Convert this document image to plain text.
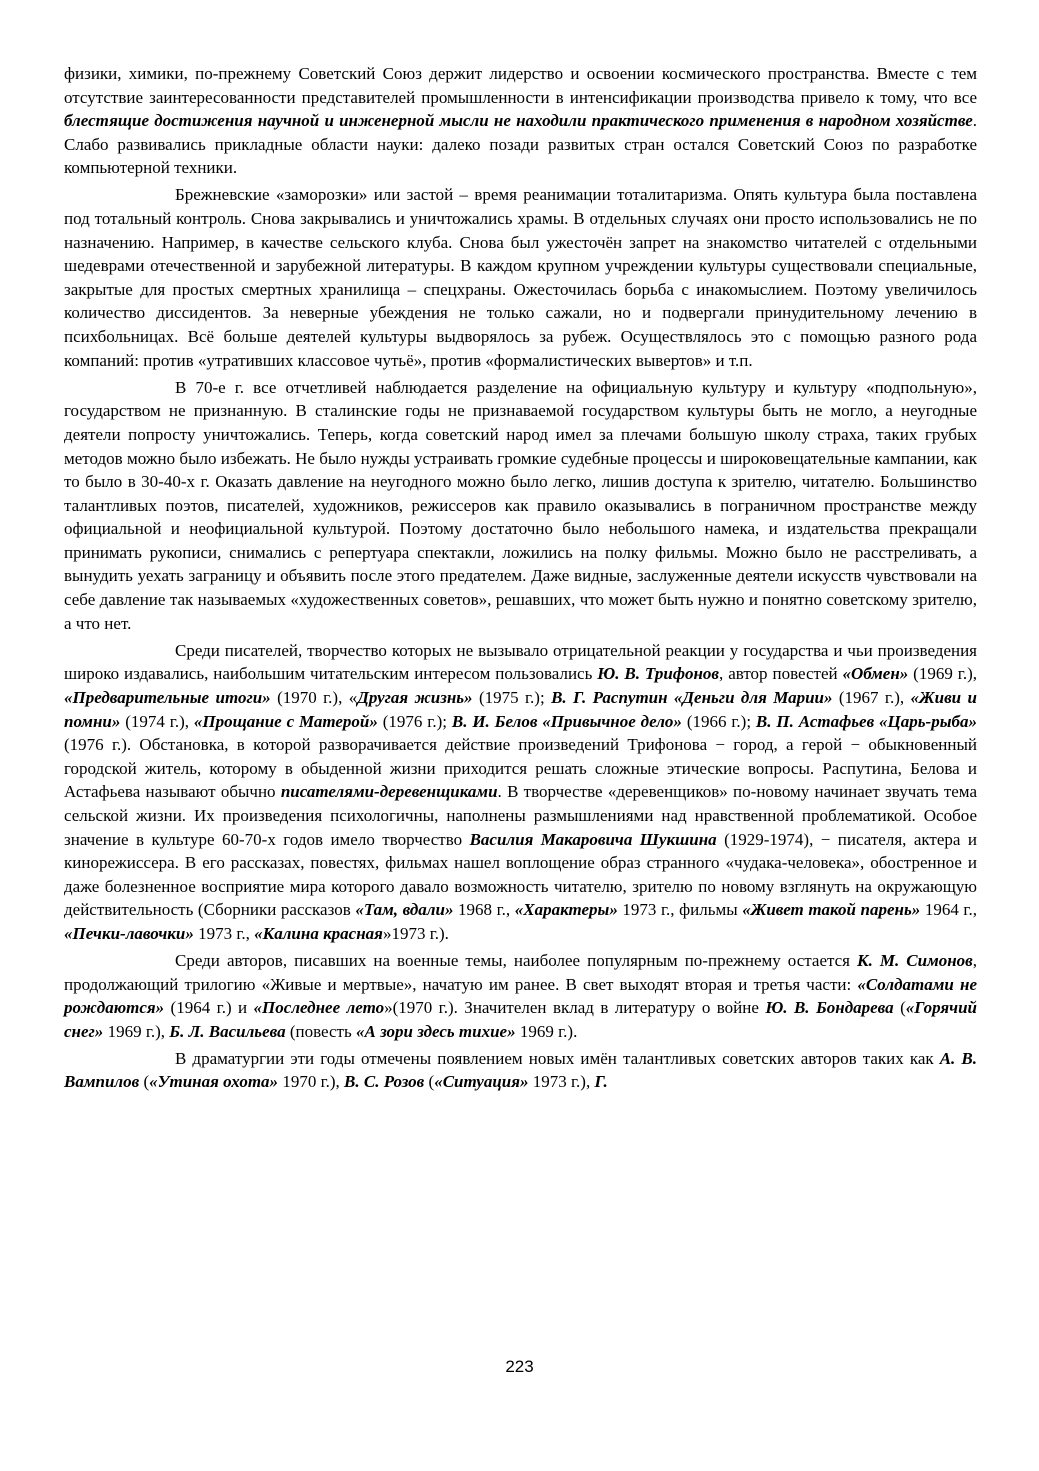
физики, химики, по-прежнему Советский Союз держит лидерство и освоении космического пространства. Вместе с тем отсутствие заинтересованности представителей промышленности в интенсификации производства привело к тому, что все блестящие достижения научной и инженерной мысли не находили практического применения в народном хозяйстве. Слабо развивались прикладные области науки: далеко позади развитых стран остался Советский Союз по разработке компьютерной техники.

Брежневские «заморозки» или застой – время реанимации тоталитаризма. Опять культура была поставлена под тотальный контроль. Снова закрывались и уничтожались храмы. В отдельных случаях они просто использовались не по назначению. Например, в качестве сельского клуба. Снова был ужесточён запрет на знакомство читателей с отдельными шедеврами отечественной и зарубежной литературы. В каждом крупном учреждении культуры существовали специальные, закрытые для простых смертных хранилища – спецхраны. Ожесточилась борьба с инакомыслием. Поэтому увеличилось количество диссидентов. За неверные убеждения не только сажали, но и подвергали принудительному лечению в психбольницах. Всё больше деятелей культуры выдворялось за рубеж. Осуществлялось это с помощью разного рода компаний: против «утративших классовое чутьё», против «формалистических вывертов» и т.п.

В 70-е г. все отчетливей наблюдается разделение на официальную культуру и культуру «подпольную», государством не признанную. В сталинские годы не признаваемой государством культуры быть не могло, а неугодные деятели попросту уничтожались. Теперь, когда советский народ имел за плечами большую школу страха, таких грубых методов можно было избежать. Не было нужды устраивать громкие судебные процессы и широковещательные кампании, как то было в 30-40-х г. Оказать давление на неугодного можно было легко, лишив доступа к зрителю, читателю. Большинство талантливых поэтов, писателей, художников, режиссеров как правило оказывались в пограничном пространстве между официальной и неофициальной культурой. Поэтому достаточно было небольшого намека, и издательства прекращали принимать рукописи, снимались с репертуара спектакли, ложились на полку фильмы. Можно было не расстреливать, а вынудить уехать заграницу и объявить после этого предателем. Даже видные, заслуженные деятели искусств чувствовали на себе давление так называемых «художественных советов», решавших, что может быть нужно и понятно советскому зрителю, а что нет.

Среди писателей, творчество которых не вызывало отрицательной реакции у государства и чьи произведения широко издавались, наибольшим читательским интересом пользовались Ю. В. Трифонов, автор повестей «Обмен» (1969 г.), «Предварительные итоги» (1970 г.), «Другая жизнь» (1975 г.); В. Г. Распутин «Деньги для Марии» (1967 г.), «Живи и помни» (1974 г.), «Прощание с Матерой» (1976 г.); В. И. Белов «Привычное дело» (1966 г.); В. П. Астафьев «Царь-рыба» (1976 г.). Обстановка, в которой разворачивается действие произведений Трифонова − город, а герой − обыкновенный городской житель, которому в обыденной жизни приходится решать сложные этические вопросы. Распутина, Белова и Астафьева называют обычно писателями-деревенщиками. В творчестве «деревенщиков» по-новому начинает звучать тема сельской жизни. Их произведения психологичны, наполнены размышлениями над нравственной проблематикой. Особое значение в культуре 60-70-х годов имело творчество Василия Макаровича Шукшина (1929-1974), − писателя, актера и кинорежиссера. В его рассказах, повестях, фильмах нашел воплощение образ странного «чудака-человека», обостренное и даже болезненное восприятие мира которого давало возможность читателю, зрителю по новому взглянуть на окружающую действительность (Сборники рассказов «Там, вдали» 1968 г., «Характеры» 1973 г., фильмы «Живет такой парень» 1964 г., «Печки-лавочки» 1973 г., «Калина красная»1973 г.).

Среди авторов, писавших на военные темы, наиболее популярным по-прежнему остается К. М. Симонов, продолжающий трилогию «Живые и мертвые», начатую им ранее. В свет выходят вторая и третья части: «Солдатами не рождаются» (1964 г.) и «Последнее лето»(1970 г.). Значителен вклад в литературу о войне Ю. В. Бондарева («Горячий снег» 1969 г.), Б. Л. Васильева (повесть «А зори здесь тихие» 1969 г.).

В драматургии эти годы отмечены появлением новых имён талантливых советских авторов таких как А. В. Вампилов («Утиная охота» 1970 г.), В. С. Розов («Ситуация» 1973 г.), Г.

223
